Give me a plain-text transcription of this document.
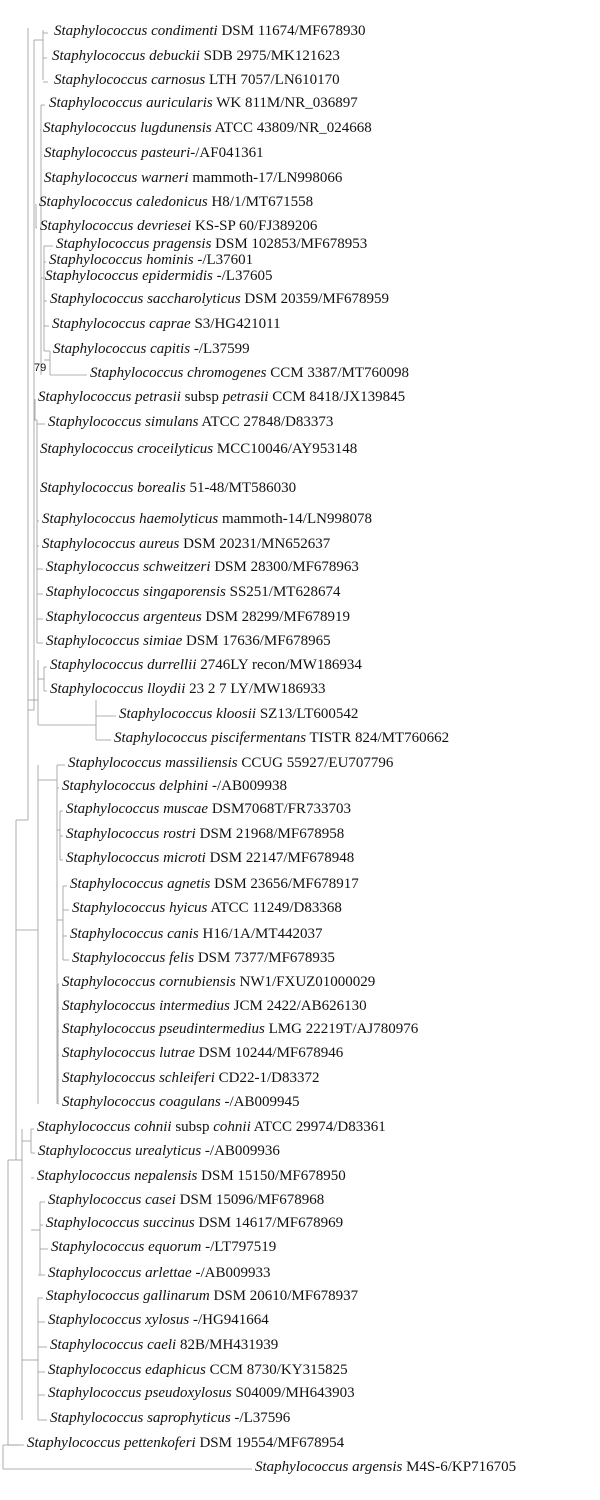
Staphylococcus condimenti DSM 11674/MF678930
Staphylococcus debuckii SDB 2975/MK121623
Staphylococcus carnosus LTH 7057/LN610170
Staphylococcus auricularis WK 811M/NR_036897
Staphylococcus lugdunensis ATCC 43809/NR_024668
Staphylococcus pasteuri-/AF041361
Staphylococcus warneri mammoth-17/LN998066
Staphylococcus caledonicus H8/1/MT671558
Staphylococcus devriesei KS-SP 60/FJ389206
Staphylococcus pragensis DSM 102853/MF678953
Staphylococcus hominis -/L37601
Staphylococcus epidermidis -/L37605
Staphylococcus saccharolyticus DSM 20359/MF678959
Staphylococcus caprae S3/HG421011
Staphylococcus capitis -/L37599
Staphylococcus chromogenes CCM 3387/MT760098
Staphylococcus petrasii subsp petrasii CCM 8418/JX139845
Staphylococcus simulans ATCC 27848/D83373
Staphylococcus croceilyticus MCC10046/AY953148
Staphylococcus borealis 51-48/MT586030
Staphylococcus haemolyticus mammoth-14/LN998078
Staphylococcus aureus DSM 20231/MN652637
Staphylococcus schweitzeri DSM 28300/MF678963
Staphylococcus singaporensis SS251/MT628674
Staphylococcus argenteus DSM 28299/MF678919
Staphylococcus simiae DSM 17636/MF678965
Staphylococcus durrellii 2746LY recon/MW186934
Staphylococcus lloydii 23 2 7 LY/MW186933
Staphylococcus kloosii SZ13/LT600542
Staphylococcus piscifermentans TISTR 824/MT760662
Staphylococcus massiliensis CCUG 55927/EU707796
Staphylococcus delphini -/AB009938
Staphylococcus muscae DSM7068T/FR733703
Staphylococcus rostri DSM 21968/MF678958
Staphylococcus microti DSM 22147/MF678948
Staphylococcus agnetis DSM 23656/MF678917
Staphylococcus hyicus ATCC 11249/D83368
Staphylococcus canis H16/1A/MT442037
Staphylococcus felis DSM 7377/MF678935
Staphylococcus cornubiensis NW1/FXUZ01000029
Staphylococcus intermedius JCM 2422/AB626130
Staphylococcus pseudintermedius LMG 22219T/AJ780976
Staphylococcus lutrae DSM 10244/MF678946
Staphylococcus schleiferi CD22-1/D83372
Staphylococcus coagulans -/AB009945
Staphylococcus cohnii subsp cohnii ATCC 29974/D83361
Staphylococcus urealyticus -/AB009936
Staphylococcus nepalensis DSM 15150/MF678950
Staphylococcus casei DSM 15096/MF678968
Staphylococcus succinus DSM 14617/MF678969
Staphylococcus equorum -/LT797519
Staphylococcus arlettae -/AB009933
Staphylococcus gallinarum DSM 20610/MF678937
Staphylococcus xylosus -/HG941664
Staphylococcus caeli 82B/MH431939
Staphylococcus edaphicus CCM 8730/KY315825
Staphylococcus pseudoxylosus S04009/MH643903
Staphylococcus saprophyticus -/L37596
Staphylococcus pettenkoferi DSM 19554/MF678954
Staphylococcus argensis M4S-6/KP716705
79
